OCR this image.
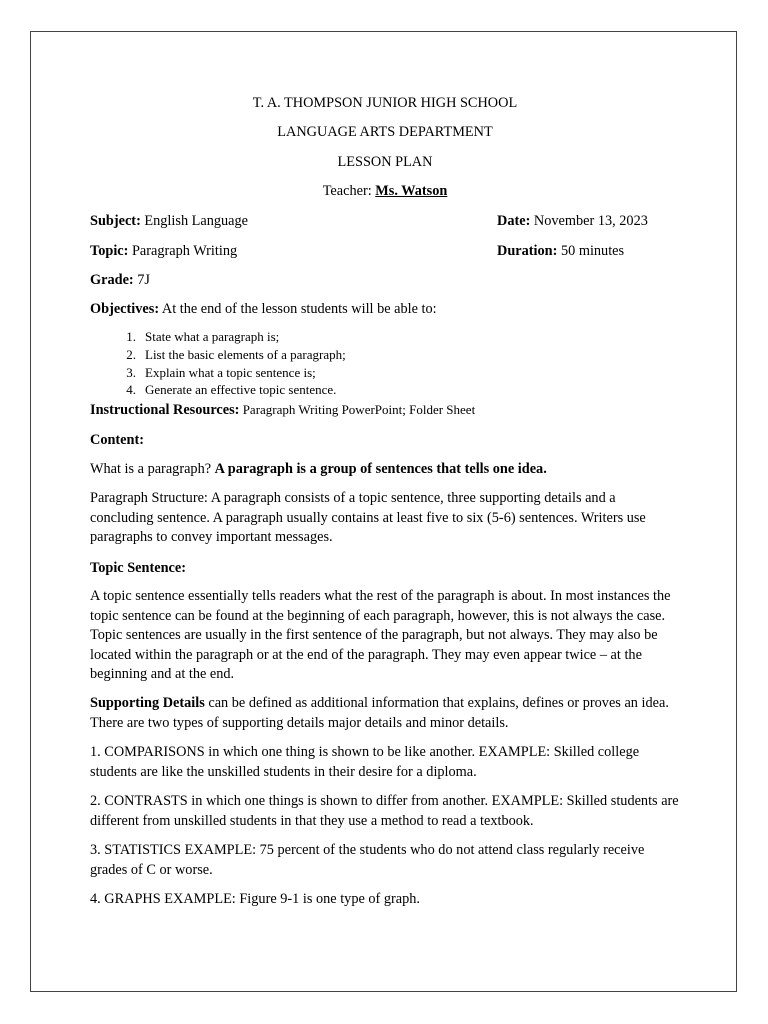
T. A. THOMPSON JUNIOR HIGH SCHOOL
LANGUAGE ARTS DEPARTMENT
LESSON PLAN
Teacher: Ms. Watson
Subject: English Language	Date: November 13, 2023
Topic: Paragraph Writing	Duration: 50 minutes
Grade: 7J
Objectives: At the end of the lesson students will be able to:
1. State what a paragraph is;
2. List the basic elements of a paragraph;
3. Explain what a topic sentence is;
4. Generate an effective topic sentence.
Instructional Resources: Paragraph Writing PowerPoint; Folder Sheet
Content:
What is a paragraph? A paragraph is a group of sentences that tells one idea.
Paragraph Structure: A paragraph consists of a topic sentence, three supporting details and a concluding sentence. A paragraph usually contains at least five to six (5-6) sentences. Writers use paragraphs to convey important messages.
Topic Sentence:
A topic sentence essentially tells readers what the rest of the paragraph is about. In most instances the topic sentence can be found at the beginning of each paragraph, however, this is not always the case. Topic sentences are usually in the first sentence of the paragraph, but not always. They may also be located within the paragraph or at the end of the paragraph. They may even appear twice – at the beginning and at the end.
Supporting Details can be defined as additional information that explains, defines or proves an idea. There are two types of supporting details major details and minor details.
1. COMPARISONS in which one thing is shown to be like another. EXAMPLE: Skilled college students are like the unskilled students in their desire for a diploma.
2. CONTRASTS in which one things is shown to differ from another. EXAMPLE: Skilled students are different from unskilled students in that they use a method to read a textbook.
3. STATISTICS EXAMPLE: 75 percent of the students who do not attend class regularly receive grades of C or worse.
4. GRAPHS EXAMPLE: Figure 9-1 is one type of graph.
